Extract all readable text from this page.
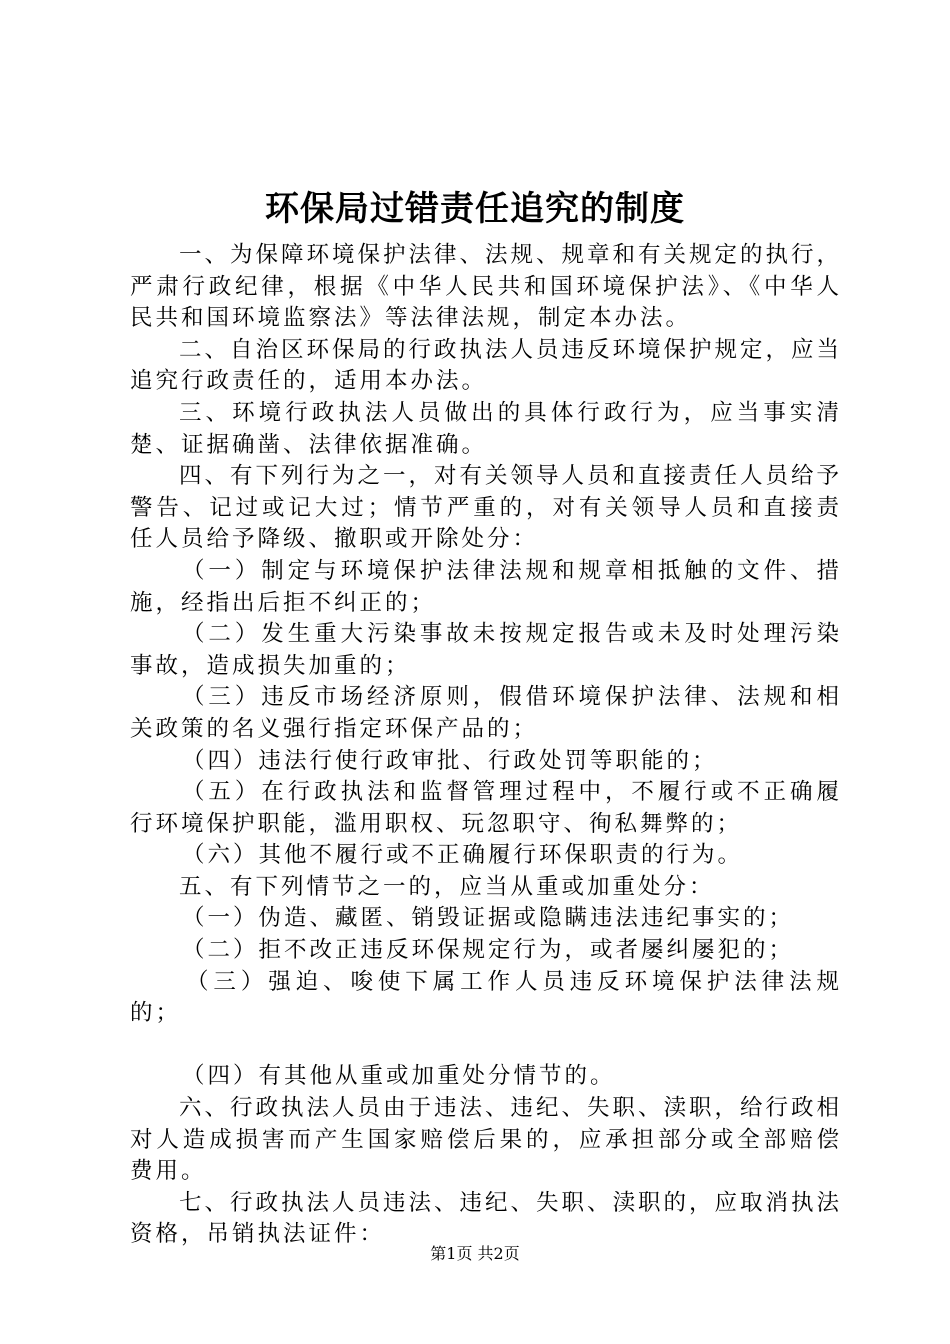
环保局过错责任追究的制度

一、为保障环境保护法律、法规、规章和有关规定的执行，严肃行政纪律，根据《中华人民共和国环境保护法》、《中华人民共和国环境监察法》等法律法规，制定本办法。

二、自治区环保局的行政执法人员违反环境保护规定，应当追究行政责任的，适用本办法。

三、环境行政执法人员做出的具体行政行为，应当事实清楚、证据确凿、法律依据准确。

四、有下列行为之一，对有关领导人员和直接责任人员给予警告、记过或记大过；情节严重的，对有关领导人员和直接责任人员给予降级、撤职或开除处分：

（一）制定与环境保护法律法规和规章相抵触的文件、措施，经指出后拒不纠正的；

（二）发生重大污染事故未按规定报告或未及时处理污染事故，造成损失加重的；

（三）违反市场经济原则，假借环境保护法律、法规和相关政策的名义强行指定环保产品的；

（四）违法行使行政审批、行政处罚等职能的；

（五）在行政执法和监督管理过程中，不履行或不正确履行环境保护职能，滥用职权、玩忽职守、徇私舞弊的；

（六）其他不履行或不正确履行环保职责的行为。

五、有下列情节之一的，应当从重或加重处分：

（一）伪造、藏匿、销毁证据或隐瞒违法违纪事实的；

（二）拒不改正违反环保规定行为，或者屡纠屡犯的；

（三）强迫、唆使下属工作人员违反环境保护法律法规的；

（四）有其他从重或加重处分情节的。

六、行政执法人员由于违法、违纪、失职、渎职，给行政相对人造成损害而产生国家赔偿后果的，应承担部分或全部赔偿费用。

七、行政执法人员违法、违纪、失职、渎职的，应取消执法资格，吊销执法证件：

第1页 共2页
